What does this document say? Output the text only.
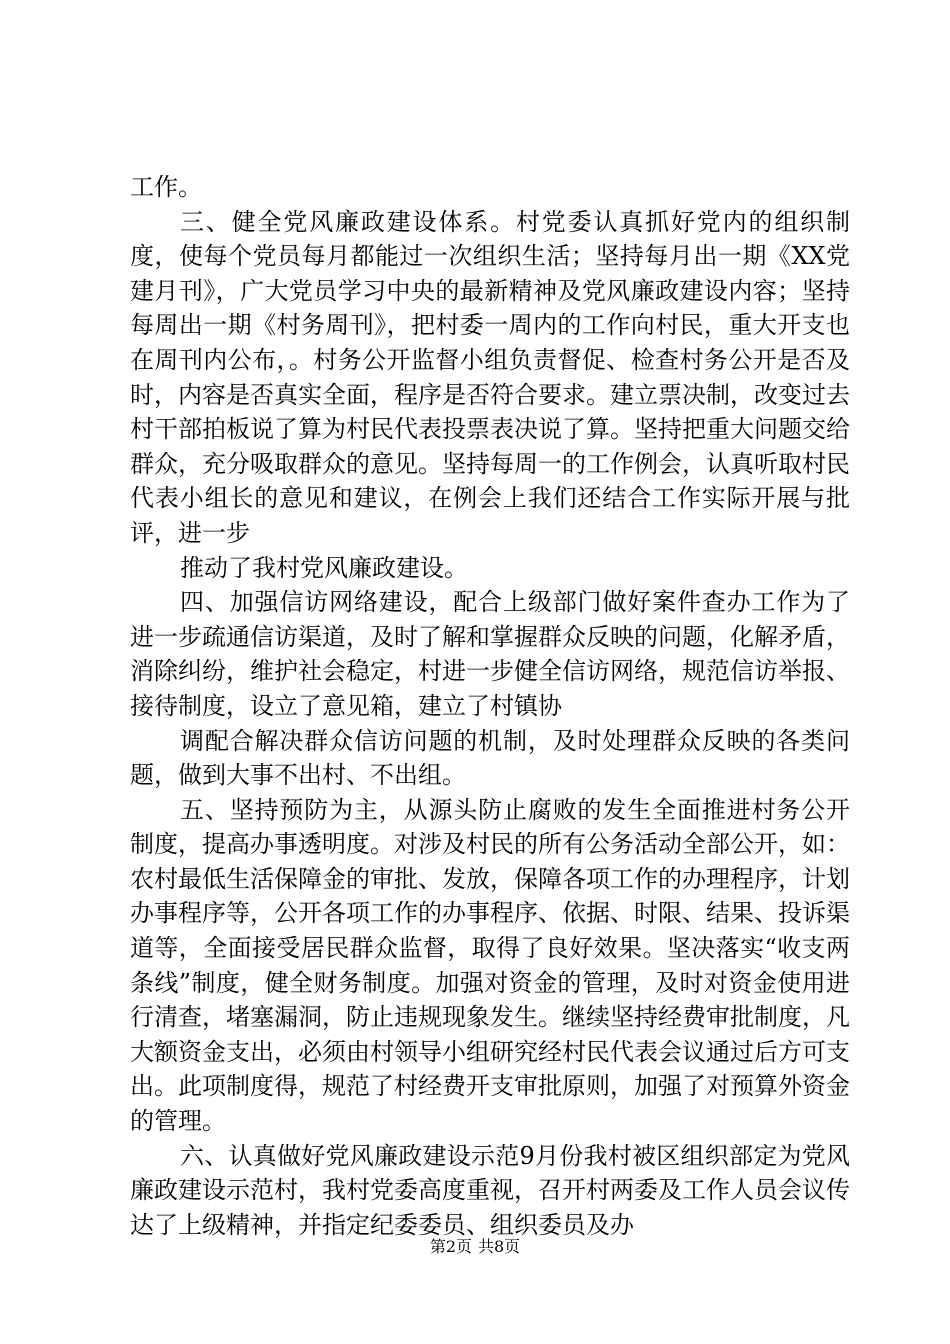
工作。

三、健全党风廉政建设体系。村党委认真抓好党内的组织制度，使每个党员每月都能过一次组织生活；坚持每月出一期《XX党建月刊》，广大党员学习中央的最新精神及党风廉政建设内容；坚持每周出一期《村务周刊》，把村委一周内的工作向村民，重大开支也在周刊内公布，。村务公开监督小组负责督促、检查村务公开是否及时，内容是否真实全面，程序是否符合要求。建立票决制，改变过去村干部拍板说了算为村民代表投票表决说了算。坚持把重大问题交给群众，充分吸取群众的意见。坚持每周一的工作例会，认真听取村民代表小组长的意见和建议，在例会上我们还结合工作实际开展与批评，进一步

推动了我村党风廉政建设。

四、加强信访网络建设，配合上级部门做好案件查办工作为了进一步疏通信访渠道，及时了解和掌握群众反映的问题，化解矛盾，消除纠纷，维护社会稳定，村进一步健全信访网络，规范信访举报、接待制度，设立了意见箱，建立了村镇协

调配合解决群众信访问题的机制，及时处理群众反映的各类问题，做到大事不出村、不出组。

五、坚持预防为主，从源头防止腐败的发生全面推进村务公开制度，提高办事透明度。对涉及村民的所有公务活动全部公开，如：农村最低生活保障金的审批、发放，保障各项工作的办理程序，计划办事程序等，公开各项工作的办事程序、依据、时限、结果、投诉渠道等，全面接受居民群众监督，取得了良好效果。坚决落实“收支两条线”制度，健全财务制度。加强对资金的管理，及时对资金使用进行清查，堵塞漏洞，防止违规现象发生。继续坚持经费审批制度，凡大额资金支出，必须由村领导小组研究经村民代表会议通过后方可支出。此项制度得，规范了村经费开支审批原则，加强了对预算外资金的管理。

六、认真做好党风廉政建设示范9月份我村被区组织部定为党风廉政建设示范村，我村党委高度重视，召开村两委及工作人员会议传达了上级精神，并指定纪委委员、组织委员及办

第2页 共8页
